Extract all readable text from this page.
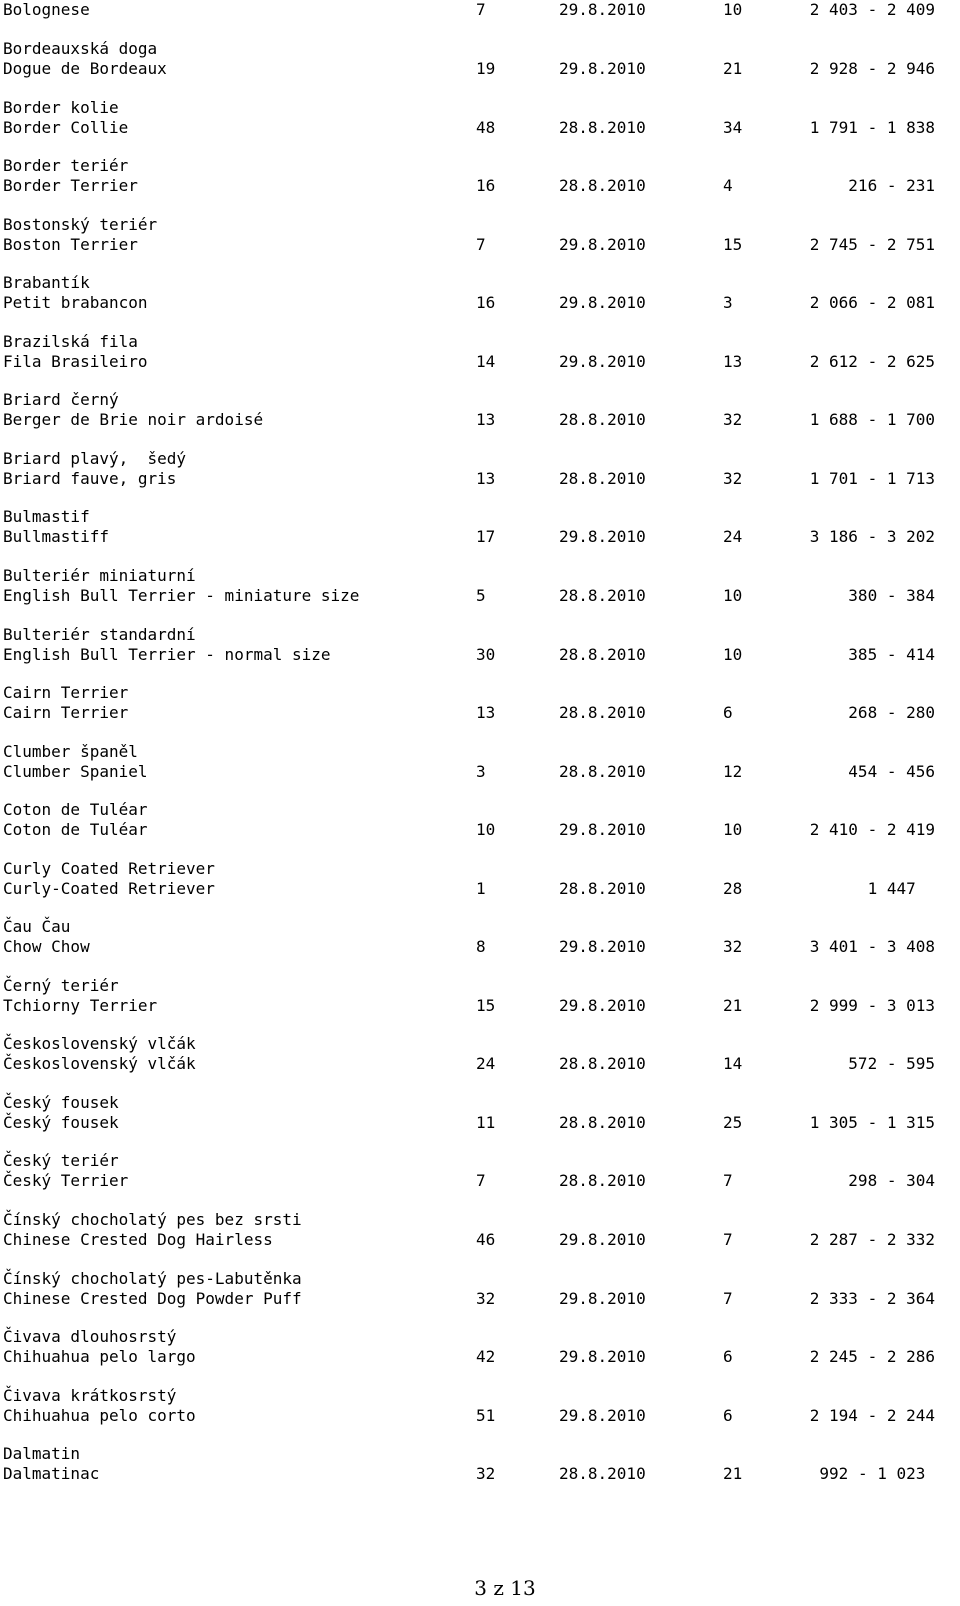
Bolognese	7	29.8.2010	10	2 403 - 2 409
Bordeauxská doga
Dogue de Bordeaux	19	29.8.2010	21	2 928 - 2 946
Border kolie
Border Collie	48	28.8.2010	34	1 791 - 1 838
Border teriér
Border Terrier	16	28.8.2010	4	216 - 231
Bostonský teriér
Boston Terrier	7	29.8.2010	15	2 745 - 2 751
Brabantík
Petit brabancon	16	29.8.2010	3	2 066 - 2 081
Brazilská fila
Fila Brasileiro	14	29.8.2010	13	2 612 - 2 625
Briard černý
Berger de Brie noir ardoisé	13	28.8.2010	32	1 688 - 1 700
Briard plavý,  šedý
Briard fauve, gris	13	28.8.2010	32	1 701 - 1 713
Bulmastif
Bullmastiff	17	29.8.2010	24	3 186 - 3 202
Bulteriér miniaturní
English Bull Terrier - miniature size	5	28.8.2010	10	380 - 384
Bulteriér standardní
English Bull Terrier - normal size	30	28.8.2010	10	385 - 414
Cairn Terrier
Cairn Terrier	13	28.8.2010	6	268 - 280
Clumber španěl
Clumber Spaniel	3	28.8.2010	12	454 - 456
Coton de Tuléar
Coton de Tuléar	10	29.8.2010	10	2 410 - 2 419
Curly Coated Retriever
Curly-Coated Retriever	1	28.8.2010	28	1 447
Čau Čau
Chow Chow	8	29.8.2010	32	3 401 - 3 408
Černý teriér
Tchiorny Terrier	15	29.8.2010	21	2 999 - 3 013
Československý vlčák
Československý vlčák	24	28.8.2010	14	572 - 595
Český fousek
Český fousek	11	28.8.2010	25	1 305 - 1 315
Český teriér
Český Terrier	7	28.8.2010	7	298 - 304
Čínský chocholatý pes bez srsti
Chinese Crested Dog Hairless	46	29.8.2010	7	2 287 - 2 332
Čínský chocholatý pes-Labutěnka
Chinese Crested Dog Powder Puff	32	29.8.2010	7	2 333 - 2 364
Čivava dlouhosrstý
Chihuahua pelo largo	42	29.8.2010	6	2 245 - 2 286
Čivava krátkosrstý
Chihuahua pelo corto	51	29.8.2010	6	2 194 - 2 244
Dalmatin
Dalmatinac	32	28.8.2010	21	992 - 1 023
3 z 13
